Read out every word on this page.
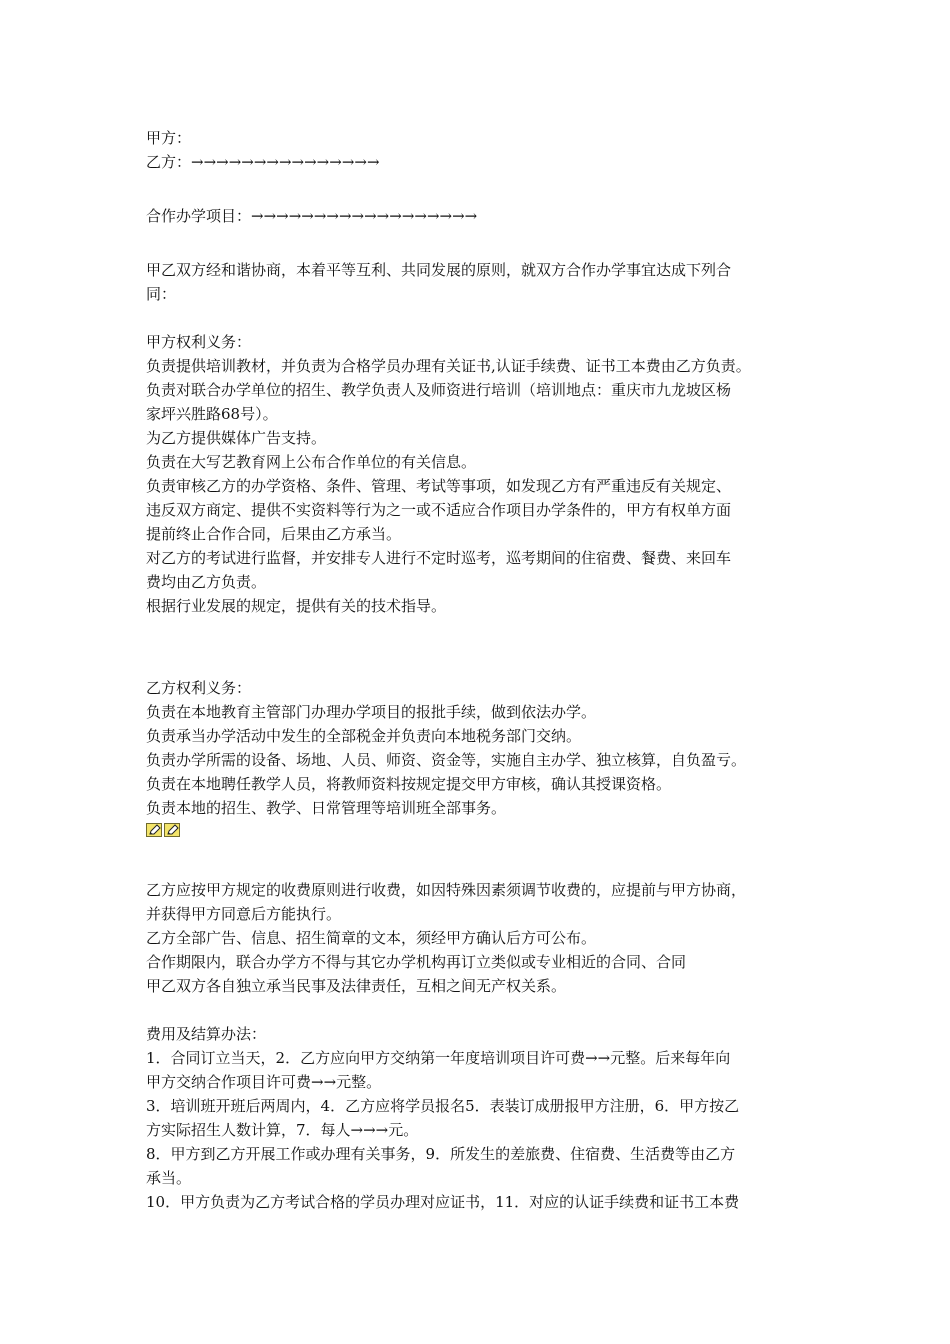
甲方：
乙方：→→→→→→→→→→→→→→→
合作办学项目：→→→→→→→→→→→→→→→→→→
甲乙双方经和谐协商，本着平等互利、共同发展的原则，就双方合作办学事宜达成下列合
同：
甲方权利义务：
负责提供培训教材，并负责为合格学员办理有关证书,认证手续费、证书工本费由乙方负责。
负责对联合办学单位的招生、教学负责人及师资进行培训（培训地点：重庆市九龙坡区杨
家坪兴胜路68号）。
为乙方提供媒体广告支持。
负责在大写艺教育网上公布合作单位的有关信息。
负责审核乙方的办学资格、条件、管理、考试等事项，如发现乙方有严重违反有关规定、
违反双方商定、提供不实资料等行为之一或不适应合作项目办学条件的，甲方有权单方面
提前终止合作合同，后果由乙方承当。
对乙方的考试进行监督，并安排专人进行不定时巡考，巡考期间的住宿费、餐费、来回车
费均由乙方负责。
根据行业发展的规定，提供有关的技术指导。
乙方权利义务：
负责在本地教育主管部门办理办学项目的报批手续，做到依法办学。
负责承当办学活动中发生的全部税金并负责向本地税务部门交纳。
负责办学所需的设备、场地、人员、师资、资金等，实施自主办学、独立核算，自负盈亏。
负责在本地聘任教学人员，将教师资料按规定提交甲方审核，确认其授课资格。
负责本地的招生、教学、日常管理等培训班全部事务。
乙方应按甲方规定的收费原则进行收费，如因特殊因素须调节收费的，应提前与甲方协商，
并获得甲方同意后方能执行。
乙方全部广告、信息、招生简章的文本，须经甲方确认后方可公布。
合作期限内，联合办学方不得与其它办学机构再订立类似或专业相近的合同、合同
甲乙双方各自独立承当民事及法律责任，互相之间无产权关系。
费用及结算办法：
1．合同订立当天，2．乙方应向甲方交纳第一年度培训项目许可费→→元整。后来每年向
甲方交纳合作项目许可费→→元整。
3．培训班开班后两周内，4．乙方应将学员报名5．表装订成册报甲方注册，6．甲方按乙
方实际招生人数计算，7．每人→→→元。
8．甲方到乙方开展工作或办理有关事务，9．所发生的差旅费、住宿费、生活费等由乙方
承当。
10．甲方负责为乙方考试合格的学员办理对应证书，11．对应的认证手续费和证书工本费
